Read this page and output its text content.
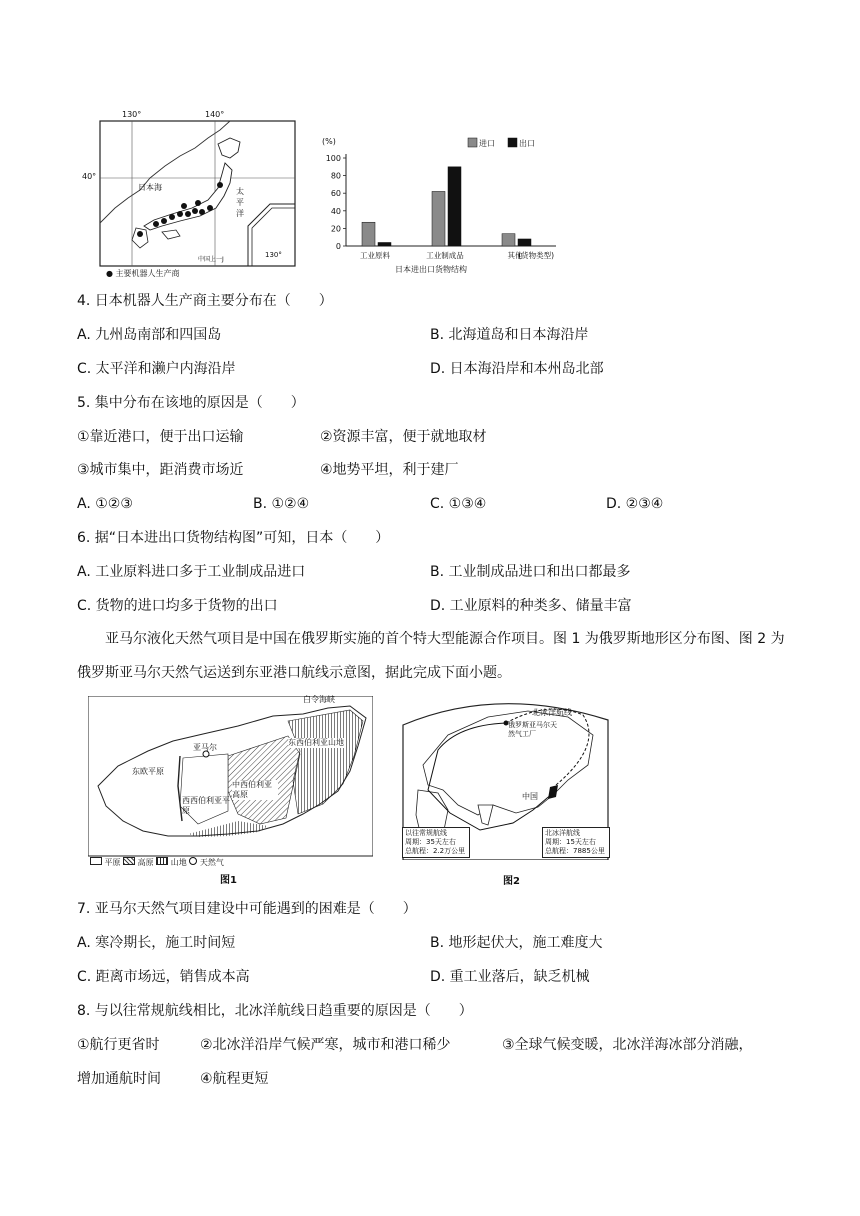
130°	140°
40°
日本海	太
平
洋
中国上一J
130°
● 主要机器人生产商
(%)
0
20
40
60
80
100
工业原料	工业制成品	其他
(货物类型)
日本进出口货物结构
进口	出口
4. 日本机器人生产商主要分布在（　　）
A. 九州岛南部和四国岛	B. 北海道岛和日本海沿岸
C. 太平洋和濑户内海沿岸	D. 日本海沿岸和本州岛北部
5. 集中分布在该地的原因是（　　）
①靠近港口，便于出口运输	②资源丰富，便于就地取材
③城市集中，距消费市场近	④地势平坦，利于建厂
A. ①②③	B. ①②④	C. ①③④	D. ②③④
6. 据“日本进出口货物结构图”可知，日本（　　）
A. 工业原料进口多于工业制成品进口	B. 工业制成品进口和出口都最多
C. 货物的进口均多于货物的出口	D. 工业原料的种类多、储量丰富
亚马尔液化天然气项目是中国在俄罗斯实施的首个特大型能源合作项目。图 1 为俄罗斯地形区分布图、图 2 为俄罗斯亚马尔天然气运送到东亚港口航线示意图，据此完成下面小题。
白令海峡
亚马尔
东欧平原
西西伯利亚平原
中西伯利亚高原
东西伯利亚山地
平原 高原 山地 天然气
图1
北冰洋航线
俄罗斯亚马尔天然气工厂
中国
以往常规航线
周期：35天左右
总航程：2.2万公里
北冰洋航线
周期：15天左右
总航程：7885公里
图2
7. 亚马尔天然气项目建设中可能遇到的困难是（　　）
A. 寒冷期长，施工时间短	B. 地形起伏大，施工难度大
C. 距离市场远，销售成本高	D. 重工业落后，缺乏机械
8. 与以往常规航线相比，北冰洋航线日趋重要的原因是（　　）
①航行更省时	②北冰洋沿岸气候严寒，城市和港口稀少	③全球气候变暖，北冰洋海冰部分消融，
增加通航时间	④航程更短
